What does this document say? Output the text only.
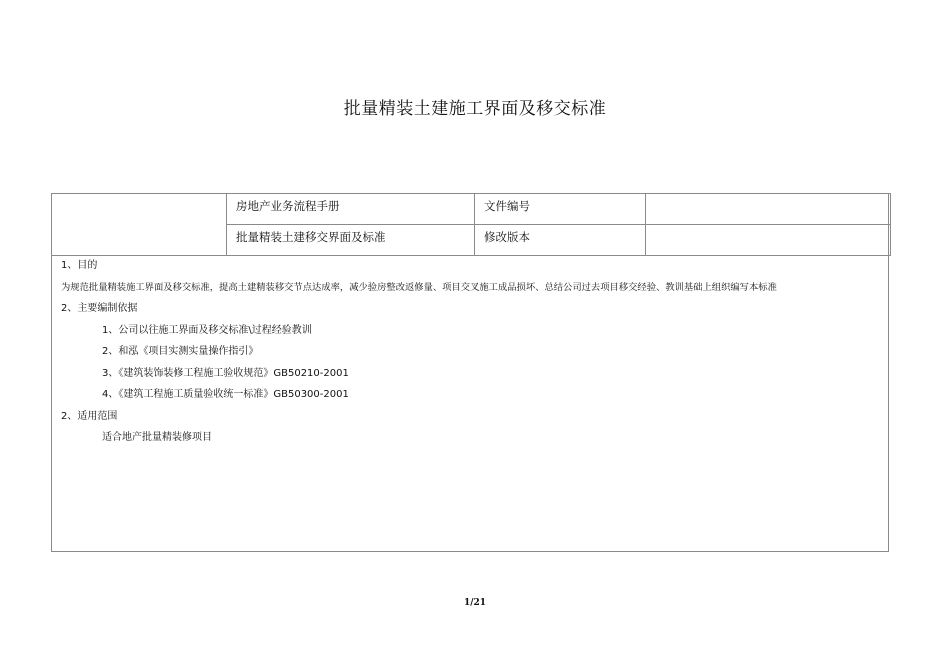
批量精装土建施工界面及移交标准

	房地产业务流程手册	文件编号	

	批量精装土建移交界面及标准	修改版本	

1、目的
为规范批量精装施工界面及移交标准，提高土建精装移交节点达成率，减少验房整改返修量、项目交叉施工成品损坏、总结公司过去项目移交经验、教训基础上组织编写本标准
2、主要编制依据
1、公司以往施工界面及移交标准\过程经验教训
2、和泓《项目实测实量操作指引》
3、《建筑装饰装修工程施工验收规范》GB50210-2001
4、《建筑工程施工质量验收统一标准》GB50300-2001
2、适用范围
适合地产批量精装修项目
1/21
